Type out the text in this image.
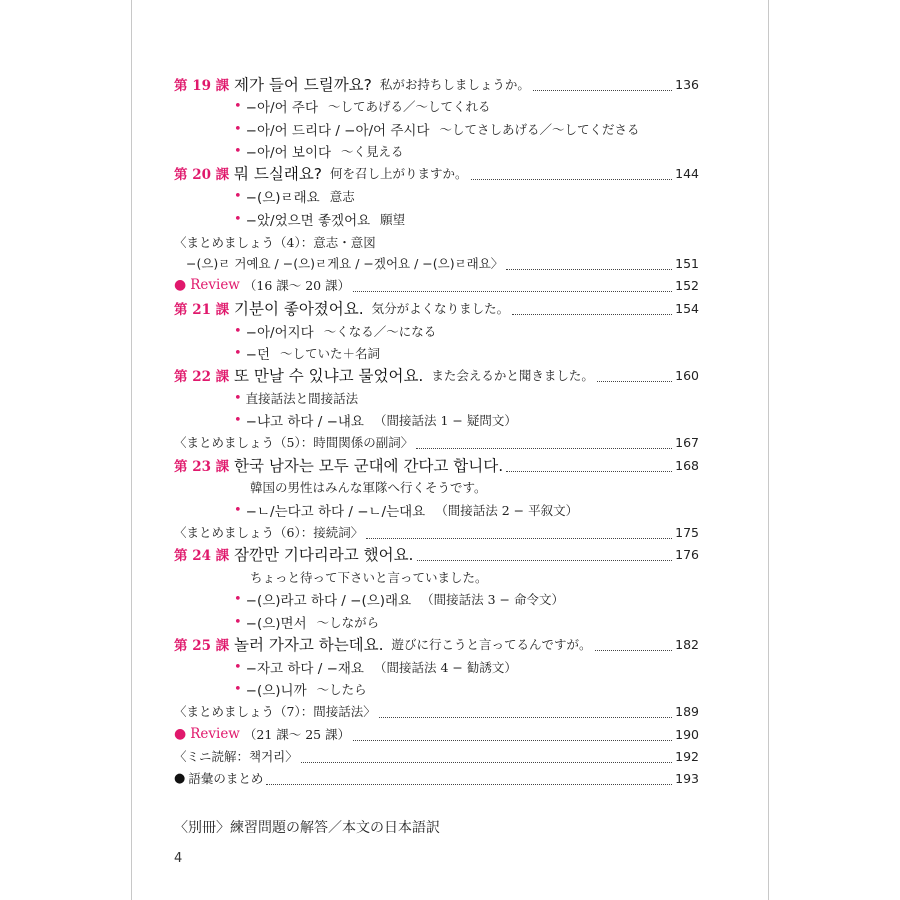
第 19 課 제가 들어 드릴까요? 私がお持ちしましょうか。	136
• −아/어 주다 〜してあげる／〜してくれる
• −아/어 드리다 / −아/어 주시다 〜してさしあげる／〜してくださる
• −아/어 보이다 〜く見える
第 20 課 뭐 드실래요? 何を召し上がりますか。	144
• −(으)ㄹ래요 意志
• −았/었으면 좋겠어요 願望
〈まとめましょう（4）：意志・意図
−(으)ㄹ 거예요 / −(으)ㄹ게요 / −겠어요 / −(으)ㄹ래요〉	151
● Review （16 課〜 20 課）	152
第 21 課 기분이 좋아졌어요. 気分がよくなりました。	154
• −아/어지다 〜くなる／〜になる
• −던 〜していた＋名詞
第 22 課 또 만날 수 있냐고 물었어요. また会えるかと聞きました。	160
• 直接話法と間接話法
• −냐고 하다 / −냬요 （間接話法 1 − 疑問文）
〈まとめましょう（5）：時間関係の副詞〉	167
第 23 課 한국 남자는 모두 군대에 간다고 합니다.	168
韓国の男性はみんな軍隊へ行くそうです。
• −ㄴ/는다고 하다 / −ㄴ/는대요 （間接話法 2 − 平叙文）
〈まとめましょう（6）：接続詞〉	175
第 24 課 잠깐만 기다리라고 했어요.	176
ちょっと待って下さいと言っていました。
• −(으)라고 하다 / −(으)래요 （間接話法 3 − 命令文）
• −(으)면서 〜しながら
第 25 課 놀러 가자고 하는데요. 遊びに行こうと言ってるんですが。	182
• −자고 하다 / −재요 （間接話法 4 − 勧誘文）
• −(으)니까 〜したら
〈まとめましょう（7）：間接話法〉	189
● Review （21 課〜 25 課）	190
〈ミニ読解：책거리〉	192
● 語彙のまとめ	193
〈別冊〉練習問題の解答／本文の日本語訳
4
